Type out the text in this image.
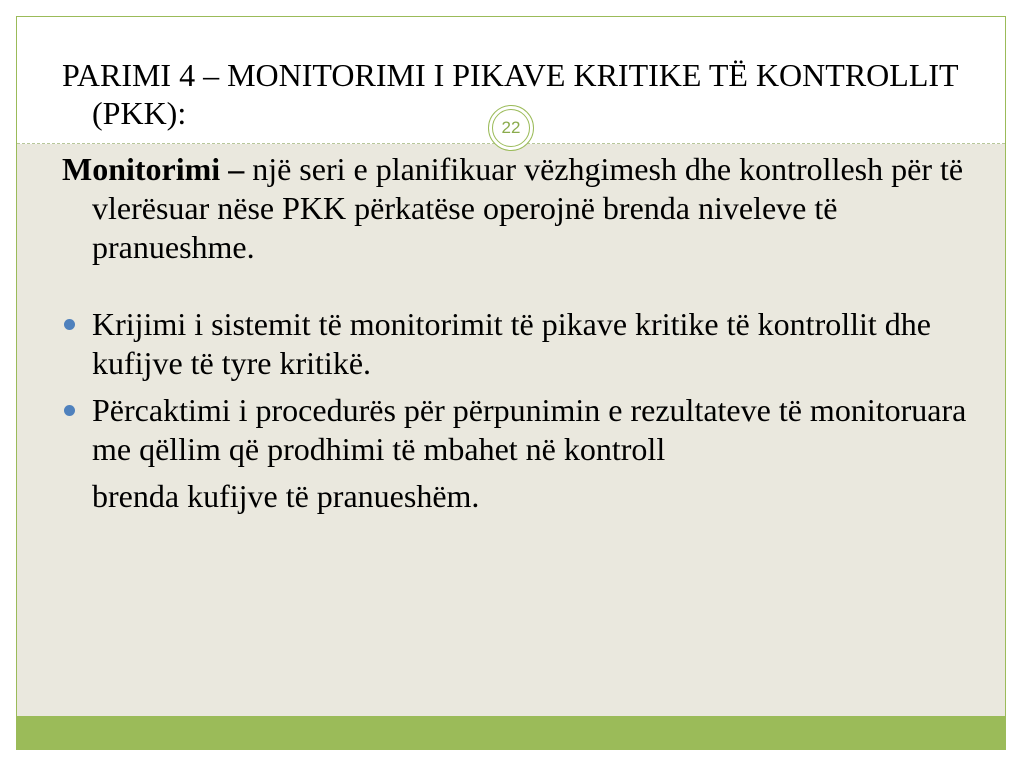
22
PARIMI 4 – MONITORIMI I PIKAVE KRITIKE TË KONTROLLIT (PKK):

Monitorimi – një seri e planifikuar vëzhgimesh dhe kontrollesh për të vlerësuar nëse PKK përkatëse operojnë brenda niveleve të pranueshme.

Krijimi i sistemit të monitorimit të pikave kritike të kontrollit dhe kufijve të tyre kritikë.

Përcaktimi i procedurës për përpunimin e rezultateve të monitoruara me qëllim që prodhimi të mbahet në kontroll

brenda kufijve të pranueshëm.
